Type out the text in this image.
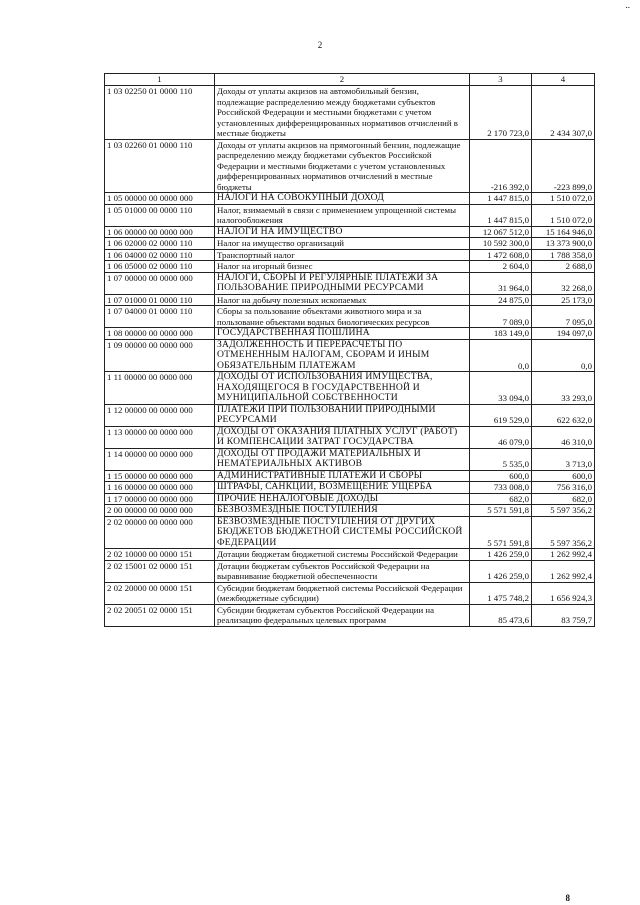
..
2
1	2	3	4
1 03 02250 01 0000 110	Доходы от уплаты акцизов на автомобильный бензин, подлежащие распределению между бюджетами субъектов Российской Федерации и местными бюджетами с учетом установленных дифференцированных нормативов отчислений в местные бюджеты	2 170 723,0	2 434 307,0
1 03 02260 01 0000 110	Доходы от уплаты акцизов на прямогонный бензин, подлежащие распределению между бюджетами субъектов Российской Федерации и местными бюджетами с учетом установленных дифференцированных нормативов отчислений в местные бюджеты	-216 392,0	-223 899,0
1 05 00000 00 0000 000	НАЛОГИ НА СОВОКУПНЫЙ ДОХОД	1 447 815,0	1 510 072,0
1 05 01000 00 0000 110	Налог, взимаемый в связи с применением упрощенной системы налогообложения	1 447 815,0	1 510 072,0
1 06 00000 00 0000 000	НАЛОГИ НА ИМУЩЕСТВО	12 067 512,0	15 164 946,0
1 06 02000 02 0000 110	Налог на имущество организаций	10 592 300,0	13 373 900,0
1 06 04000 02 0000 110	Транспортный налог	1 472 608,0	1 788 358,0
1 06 05000 02 0000 110	Налог на игорный бизнес	2 604,0	2 688,0
1 07 00000 00 0000 000	НАЛОГИ, СБОРЫ И РЕГУЛЯРНЫЕ ПЛАТЕЖИ ЗА ПОЛЬЗОВАНИЕ ПРИРОДНЫМИ РЕСУРСАМИ	31 964,0	32 268,0
1 07 01000 01 0000 110	Налог на добычу полезных ископаемых	24 875,0	25 173,0
1 07 04000 01 0000 110	Сборы за пользование объектами животного мира и за пользование объектами водных биологических ресурсов	7 089,0	7 095,0
1 08 00000 00 0000 000	ГОСУДАРСТВЕННАЯ ПОШЛИНА	183 149,0	194 097,0
1 09 00000 00 0000 000	ЗАДОЛЖЕННОСТЬ И ПЕРЕРАСЧЕТЫ ПО ОТМЕНЕННЫМ НАЛОГАМ, СБОРАМ И ИНЫМ ОБЯЗАТЕЛЬНЫМ ПЛАТЕЖАМ	0,0	0,0
1 11 00000 00 0000 000	ДОХОДЫ ОТ ИСПОЛЬЗОВАНИЯ ИМУЩЕСТВА, НАХОДЯЩЕГОСЯ В ГОСУДАРСТВЕННОЙ И МУНИЦИПАЛЬНОЙ СОБСТВЕННОСТИ	33 094,0	33 293,0
1 12 00000 00 0000 000	ПЛАТЕЖИ ПРИ ПОЛЬЗОВАНИИ ПРИРОДНЫМИ РЕСУРСАМИ	619 529,0	622 632,0
1 13 00000 00 0000 000	ДОХОДЫ ОТ ОКАЗАНИЯ ПЛАТНЫХ УСЛУГ (РАБОТ) И КОМПЕНСАЦИИ ЗАТРАТ ГОСУДАРСТВА	46 079,0	46 310,0
1 14 00000 00 0000 000	ДОХОДЫ ОТ ПРОДАЖИ МАТЕРИАЛЬНЫХ И НЕМАТЕРИАЛЬНЫХ АКТИВОВ	5 535,0	3 713,0
1 15 00000 00 0000 000	АДМИНИСТРАТИВНЫЕ ПЛАТЕЖИ И СБОРЫ	600,0	600,0
1 16 00000 00 0000 000	ШТРАФЫ, САНКЦИИ, ВОЗМЕЩЕНИЕ УЩЕРБА	733 008,0	756 316,0
1 17 00000 00 0000 000	ПРОЧИЕ НЕНАЛОГОВЫЕ ДОХОДЫ	682,0	682,0
2 00 00000 00 0000 000	БЕЗВОЗМЕЗДНЫЕ ПОСТУПЛЕНИЯ	5 571 591,8	5 597 356,2
2 02 00000 00 0000 000	БЕЗВОЗМЕЗДНЫЕ ПОСТУПЛЕНИЯ ОТ ДРУГИХ БЮДЖЕТОВ БЮДЖЕТНОЙ СИСТЕМЫ РОССИЙСКОЙ ФЕДЕРАЦИИ	5 571 591,8	5 597 356,2
2 02 10000 00 0000 151	Дотации бюджетам бюджетной системы Российской Федерации	1 426 259,0	1 262 992,4
2 02 15001 02 0000 151	Дотации бюджетам субъектов Российской Федерации на выравнивание бюджетной обеспеченности	1 426 259,0	1 262 992,4
2 02 20000 00 0000 151	Субсидии бюджетам бюджетной системы Российской Федерации (межбюджетные субсидии)	1 475 748,2	1 656 924,3
2 02 20051 02 0000 151	Субсидии бюджетам субъектов Российской Федерации на реализацию федеральных целевых программ	85 473,6	83 759,7
8
